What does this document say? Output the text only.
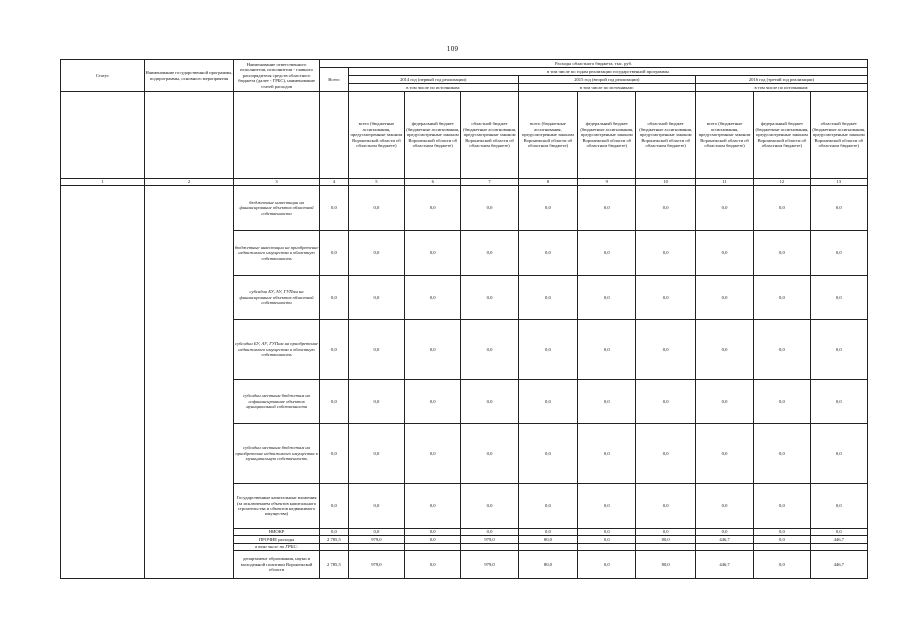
109
Статус	Наименование государственной программы, подпрограммы, основного мероприятия	Наименование ответственного исполнителя, исполнителя - главного распорядителя средств областного бюджета (далее - ГРБС), наименование статей расходов	Расходы областного бюджета, тыс. руб.									
			Всего	в том числе по годам реализации государственной программы								
				2014 год (первый год реализации)			2015 год (второй год реализации)			2016 год (третий год реализации)		
				в том числе по источникам:			в том числе по источникам:			в том числе по источникам:		
				всего (бюджетные ассигнования, предусмотренные законом Воронежской области об областном бюджете)	федеральный бюджет (бюджетные ассигнования, предусмотренные законом Воронежской области об областном бюджете)	областной бюджет (бюджетные ассигнования, предусмотренные законом Воронежской области об областном бюджете)	всего (бюджетные ассигнования, предусмотренные законом Воронежской области об областном бюджете)	федеральный бюджет (бюджетные ассигнования, предусмотренные законом Воронежской области об областном бюджете)	областной бюджет (бюджетные ассигнования, предусмотренные законом Воронежской области об областном бюджете)	всего (бюджетные ассигнования, предусмотренные законом Воронежской области об областном бюджете)	федеральный бюджет (бюджетные ассигнования, предусмотренные законом Воронежской области об областном бюджете)	областной бюджет (бюджетные ассигнования, предусмотренные законом Воронежской области об областном бюджете)
1	2	3	4	5	6	7	8	9	10	11	12	13
		бюджетные инвестиции на финансирование объектов областной собственности	0,0	0,0	0,0	0,0	0,0	0,0	0,0	0,0	0,0	0,0
		бюджетные инвестиции на приобретение недвижимого имущества в областную собственность	0,0	0,0	0,0	0,0	0,0	0,0	0,0	0,0	0,0	0,0
		субсидии БУ, АУ, ГУПам на финансирование объектов областной собственности	0,0	0,0	0,0	0,0	0,0	0,0	0,0	0,0	0,0	0,0
		субсидии БУ, АУ, ГУПам на приобретение недвижимого имущества в областную собственность	0,0	0,0	0,0	0,0	0,0	0,0	0,0	0,0	0,0	0,0
		субсидии местным бюджетам на софинансирование объектов муниципальной собственности	0,0	0,0	0,0	0,0	0,0	0,0	0,0	0,0	0,0	0,0
		субсидии местным бюджетам на приобретение недвижимого имущества в муниципальную собственность	0,0	0,0	0,0	0,0	0,0	0,0	0,0	0,0	0,0	0,0
		Государственные капитальные вложения (за исключением объектов капитального строительства и объектов недвижимого имущества)	0,0	0,0	0,0	0,0	0,0	0,0	0,0	0,0	0,0	0,0
		НИОКР	0,0	0,0	0,0	0,0	0,0	0,0	0,0	0,0	0,0	0,0
		ПРОЧИЕ расходы	2 785,5	979,0	0,0	979,0	80,0	0,0	80,0	446,7	0,0	446,7
		в том числе по ГРБС:										
		департамент образования, науки и молодежной политики Воронежской области	2 785,5	979,0	0,0	979,0	80,0	0,0	80,0	446,7	0,0	446,7
